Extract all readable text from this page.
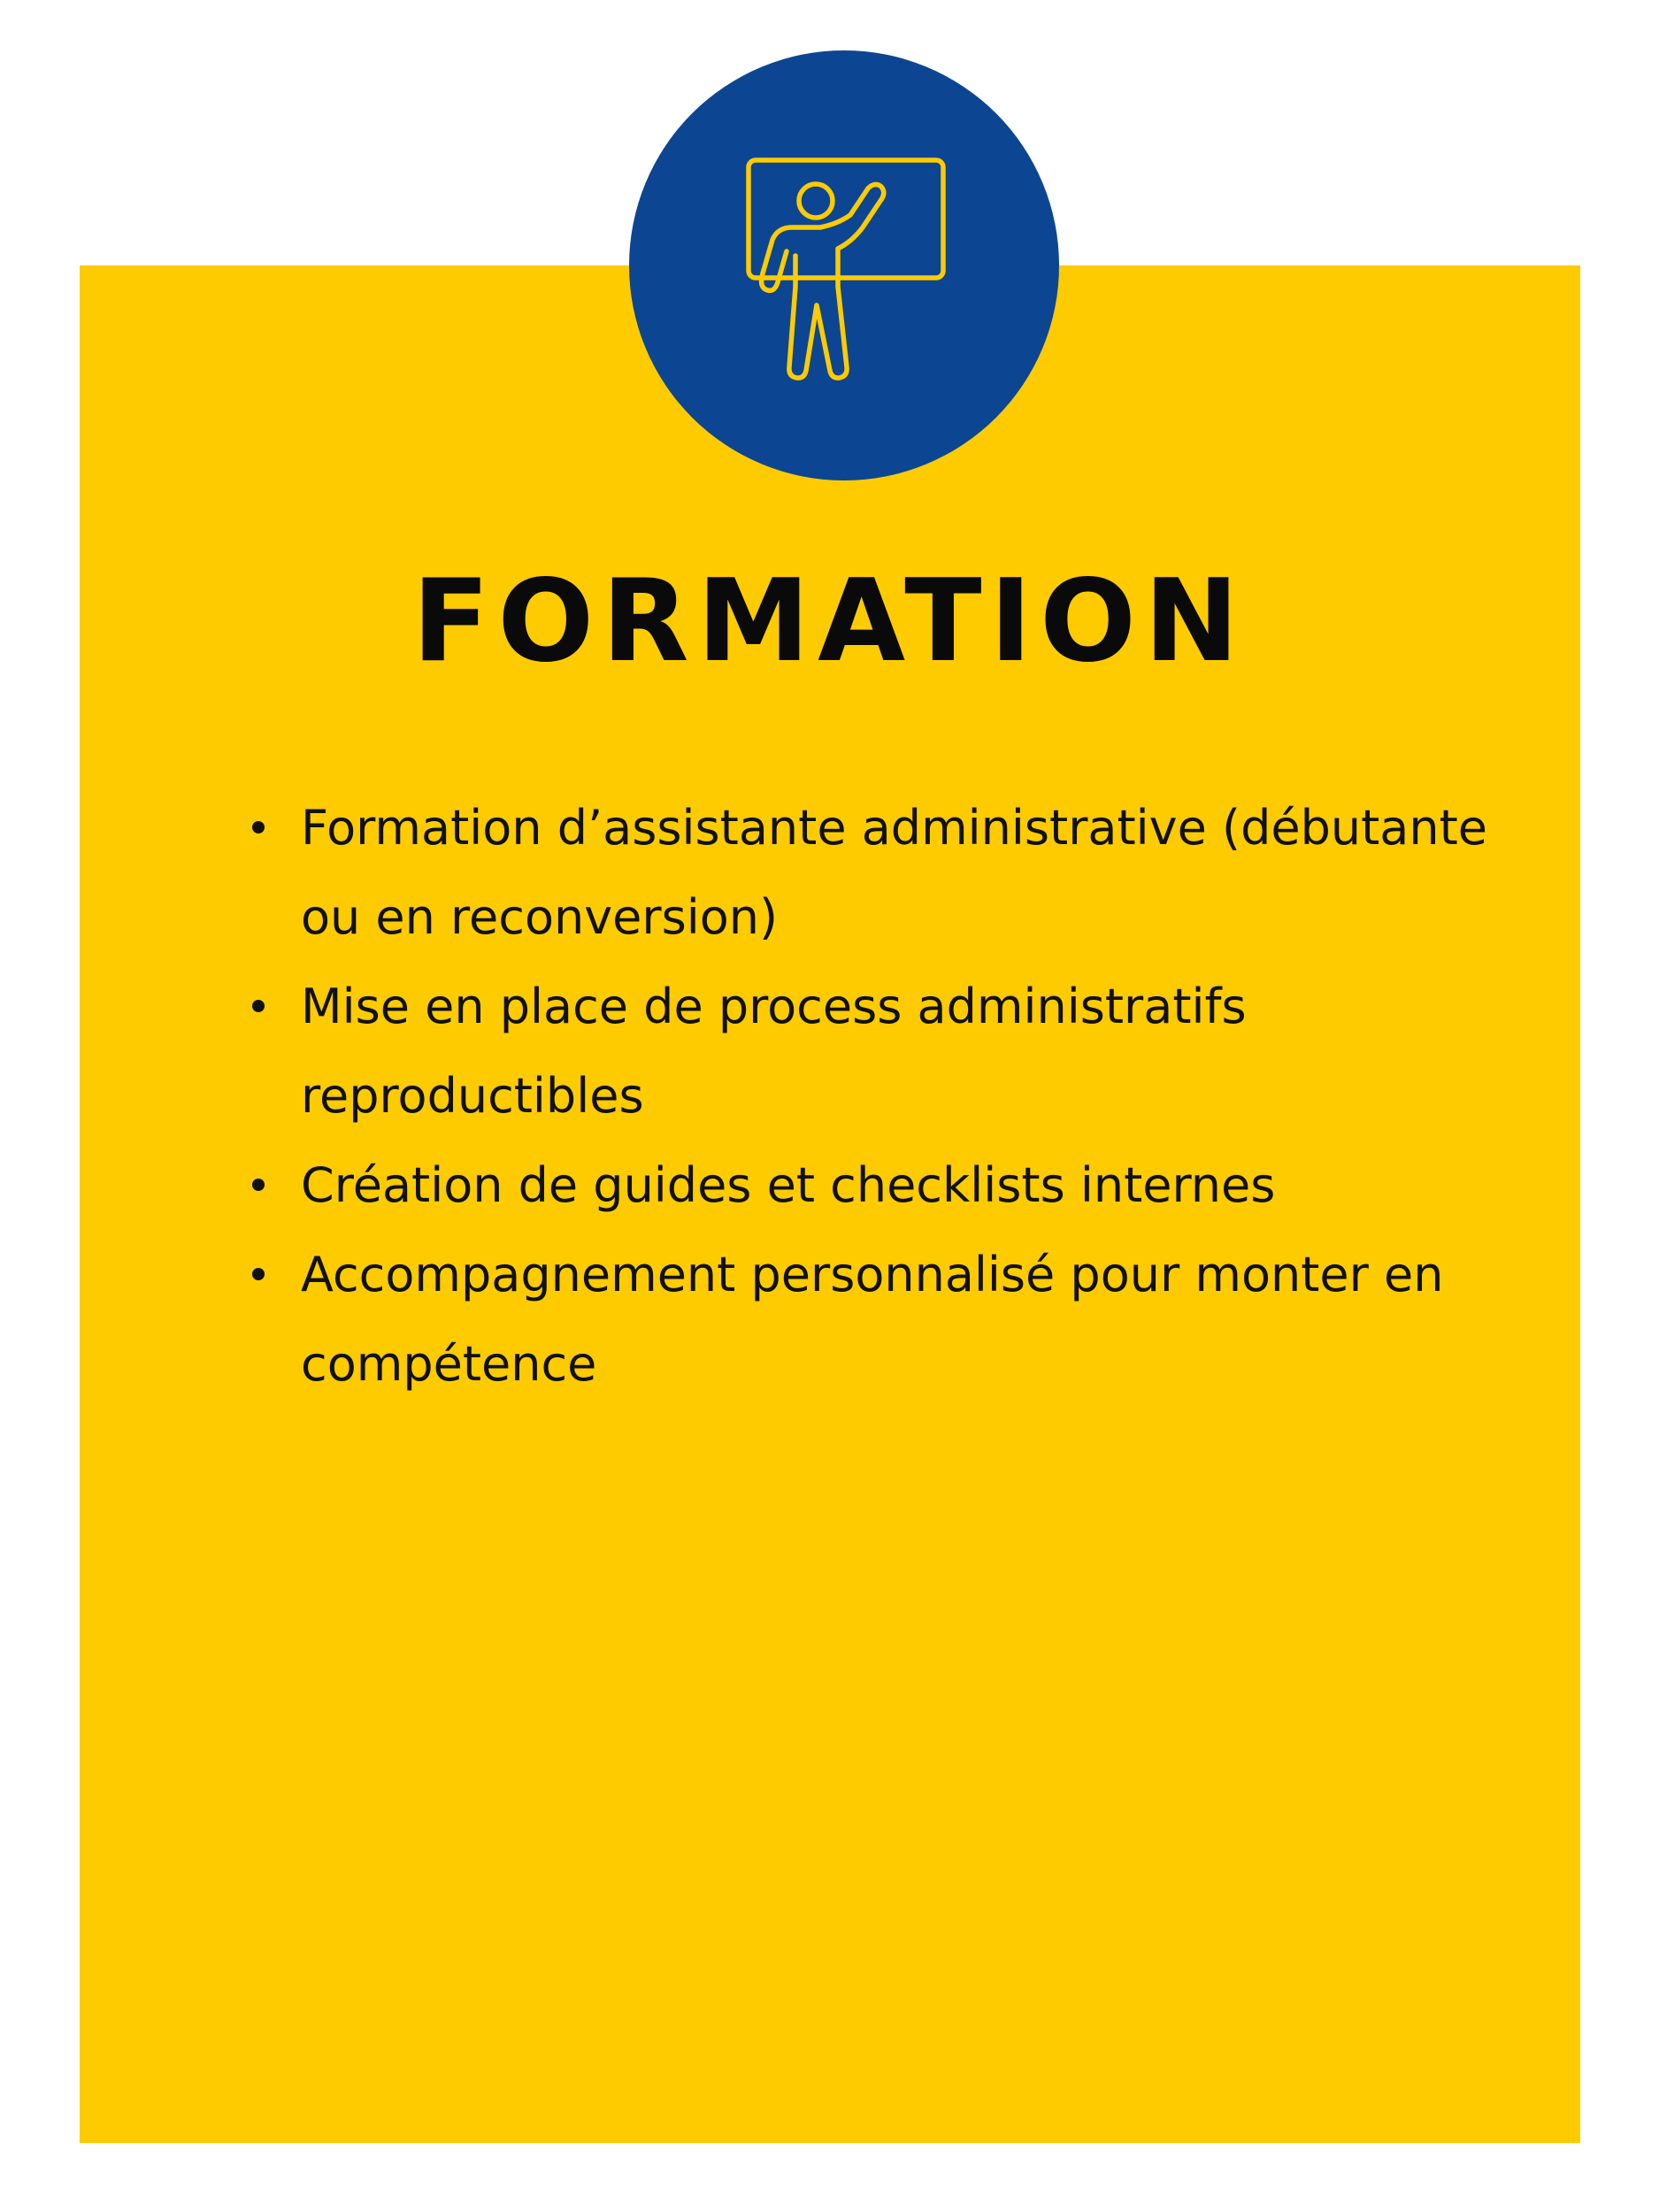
FORMATION
Formation d’assistante administrative (débutante ou en reconversion)
Mise en place de process administratifs reproductibles
Création de guides et checklists internes
Accompagnement personnalisé pour monter en compétence
